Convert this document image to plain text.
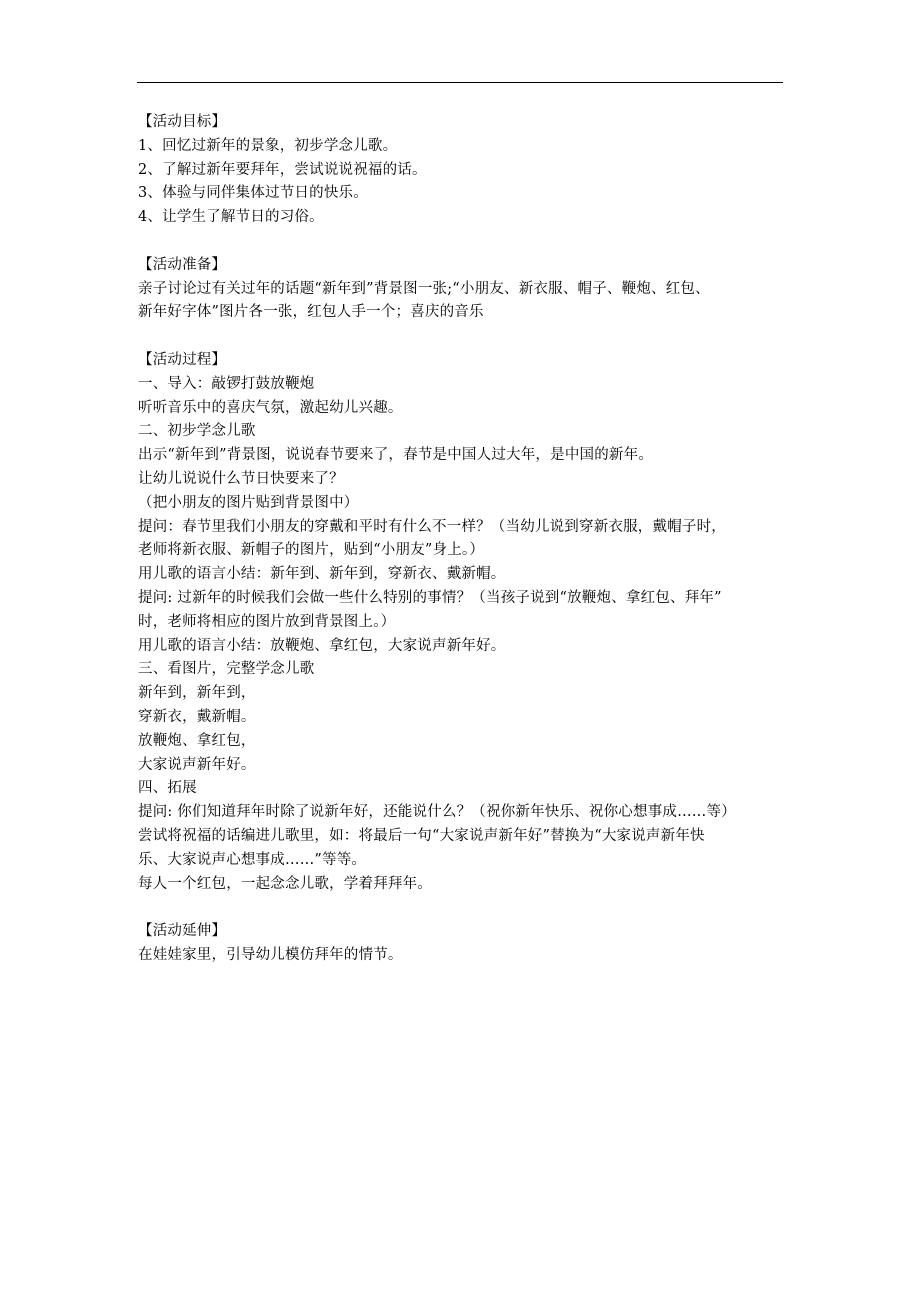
【活动目标】
1、回忆过新年的景象，初步学念儿歌。
2、了解过新年要拜年，尝试说说祝福的话。
3、体验与同伴集体过节日的快乐。
4、让学生了解节日的习俗。
【活动准备】
亲子讨论过有关过年的话题“新年到”背景图一张;“小朋友、新衣服、帽子、鞭炮、红包、
新年好字体”图片各一张，红包人手一个；喜庆的音乐
【活动过程】
一、导入：敲锣打鼓放鞭炮
听听音乐中的喜庆气氛，激起幼儿兴趣。
二、初步学念儿歌
出示“新年到”背景图，说说春节要来了，春节是中国人过大年，是中国的新年。
让幼儿说说什么节日快要来了？
（把小朋友的图片贴到背景图中）
提问：春节里我们小朋友的穿戴和平时有什么不一样？（当幼儿说到穿新衣服，戴帽子时，
老师将新衣服、新帽子的图片，贴到“小朋友”身上。）
用儿歌的语言小结：新年到、新年到，穿新衣、戴新帽。
提问: 过新年的时候我们会做一些什么特别的事情？（当孩子说到“放鞭炮、拿红包、拜年”
时，老师将相应的图片放到背景图上。）
用儿歌的语言小结：放鞭炮、拿红包，大家说声新年好。
三、看图片，完整学念儿歌
新年到，新年到，
穿新衣，戴新帽。
放鞭炮、拿红包，
大家说声新年好。
四、拓展
提问: 你们知道拜年时除了说新年好，还能说什么？（祝你新年快乐、祝你心想事成……等）
尝试将祝福的话编进儿歌里，如：将最后一句“大家说声新年好”替换为“大家说声新年快
乐、大家说声心想事成……”等等。
每人一个红包，一起念念儿歌，学着拜拜年。
【活动延伸】
在娃娃家里，引导幼儿模仿拜年的情节。
